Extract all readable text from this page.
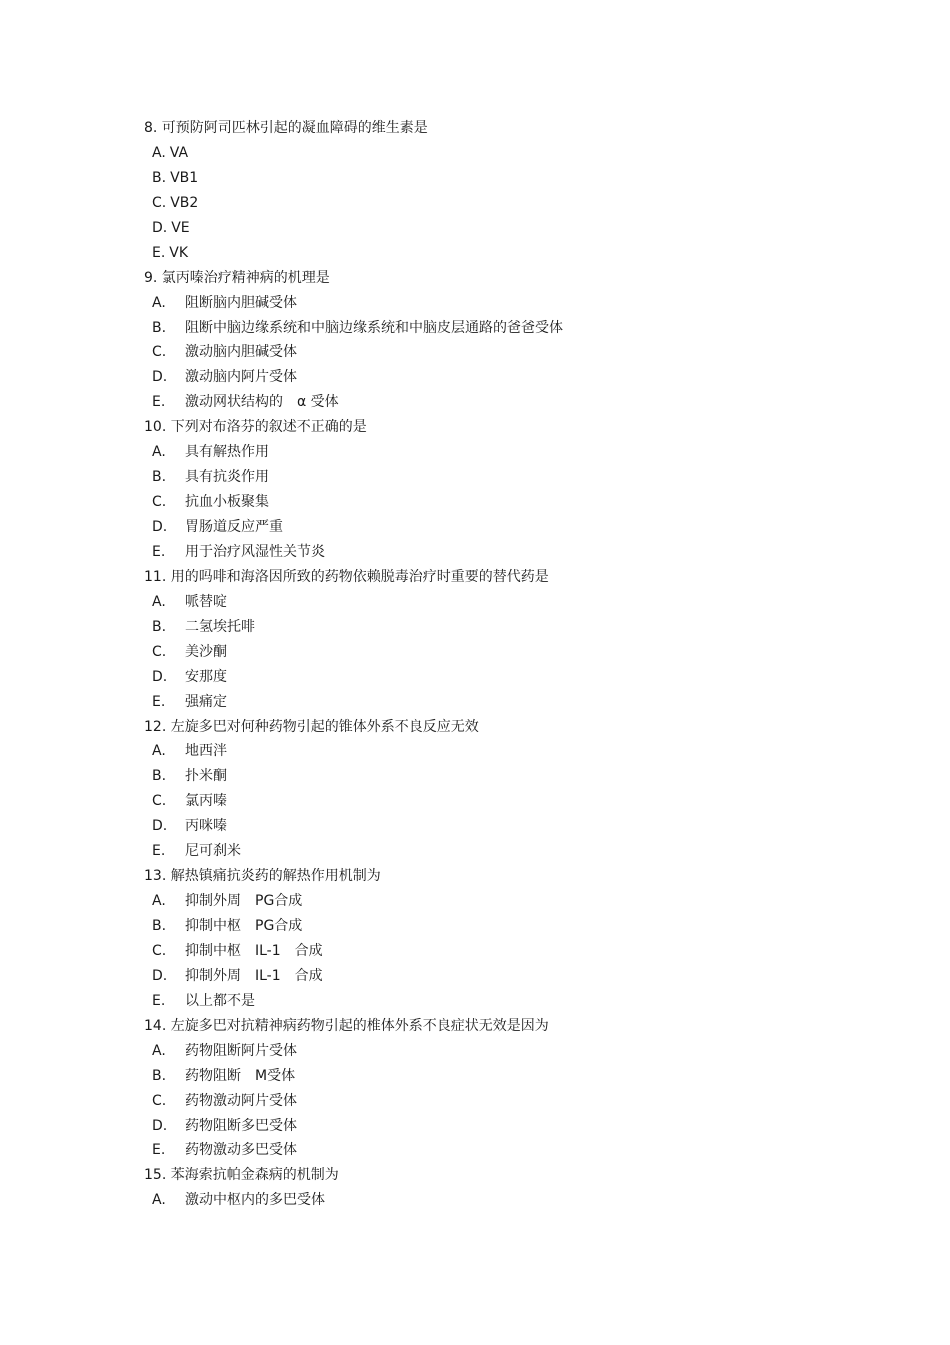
8. 可预防阿司匹林引起的凝血障碍的维生素是
A. VA
B. VB1
C. VB2
D. VE
E. VK
9. 氯丙嗪治疗精神病的机理是
A. 阻断脑内胆碱受体
B. 阻断中脑边缘系统和中脑边缘系统和中脑皮层通路的爸爸受体
C. 激动脑内胆碱受体
D. 激动脑内阿片受体
E. 激动网状结构的　α 受体
10. 下列对布洛芬的叙述不正确的是
A. 具有解热作用
B. 具有抗炎作用
C. 抗血小板聚集
D. 胃肠道反应严重
E. 用于治疗风湿性关节炎
11. 用的吗啡和海洛因所致的药物依赖脱毒治疗时重要的替代药是
A. 哌替啶
B. 二氢埃托啡
C. 美沙酮
D. 安那度
E. 强痛定
12. 左旋多巴对何种药物引起的锥体外系不良反应无效
A. 地西泮
B. 扑米酮
C. 氯丙嗪
D. 丙咪嗪
E. 尼可刹米
13. 解热镇痛抗炎药的解热作用机制为
A. 抑制外周　PG合成
B. 抑制中枢　PG合成
C. 抑制中枢　IL-1　合成
D. 抑制外周　IL-1　合成
E. 以上都不是
14. 左旋多巴对抗精神病药物引起的椎体外系不良症状无效是因为
A. 药物阻断阿片受体
B. 药物阻断　M受体
C. 药物激动阿片受体
D. 药物阻断多巴受体
E. 药物激动多巴受体
15. 苯海索抗帕金森病的机制为
A. 激动中枢内的多巴受体
